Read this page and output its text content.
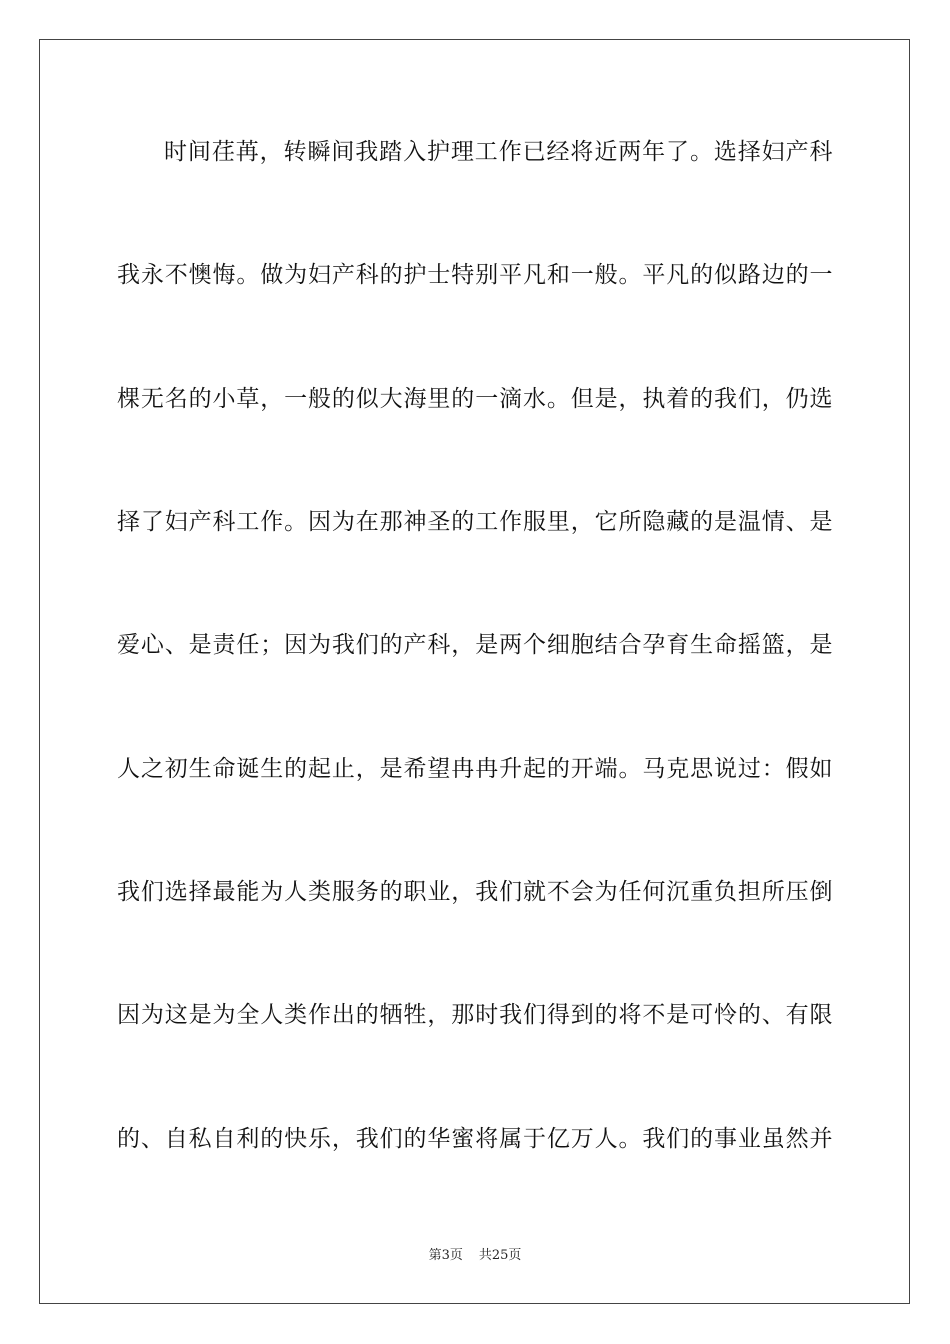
时间荏苒，转瞬间我踏入护理工作已经将近两年了。选择妇产科
我永不懊悔。做为妇产科的护士特别平凡和一般。平凡的似路边的一
棵无名的小草，一般的似大海里的一滴水。但是，执着的我们，仍选
择了妇产科工作。因为在那神圣的工作服里，它所隐藏的是温情、是
爱心、是责任；因为我们的产科，是两个细胞结合孕育生命摇篮，是
人之初生命诞生的起止，是希望冉冉升起的开端。马克思说过：假如
我们选择最能为人类服务的职业，我们就不会为任何沉重负担所压倒
因为这是为全人类作出的牺牲，那时我们得到的将不是可怜的、有限
的、自私自利的快乐，我们的华蜜将属于亿万人。我们的事业虽然并
第3页 共25页
